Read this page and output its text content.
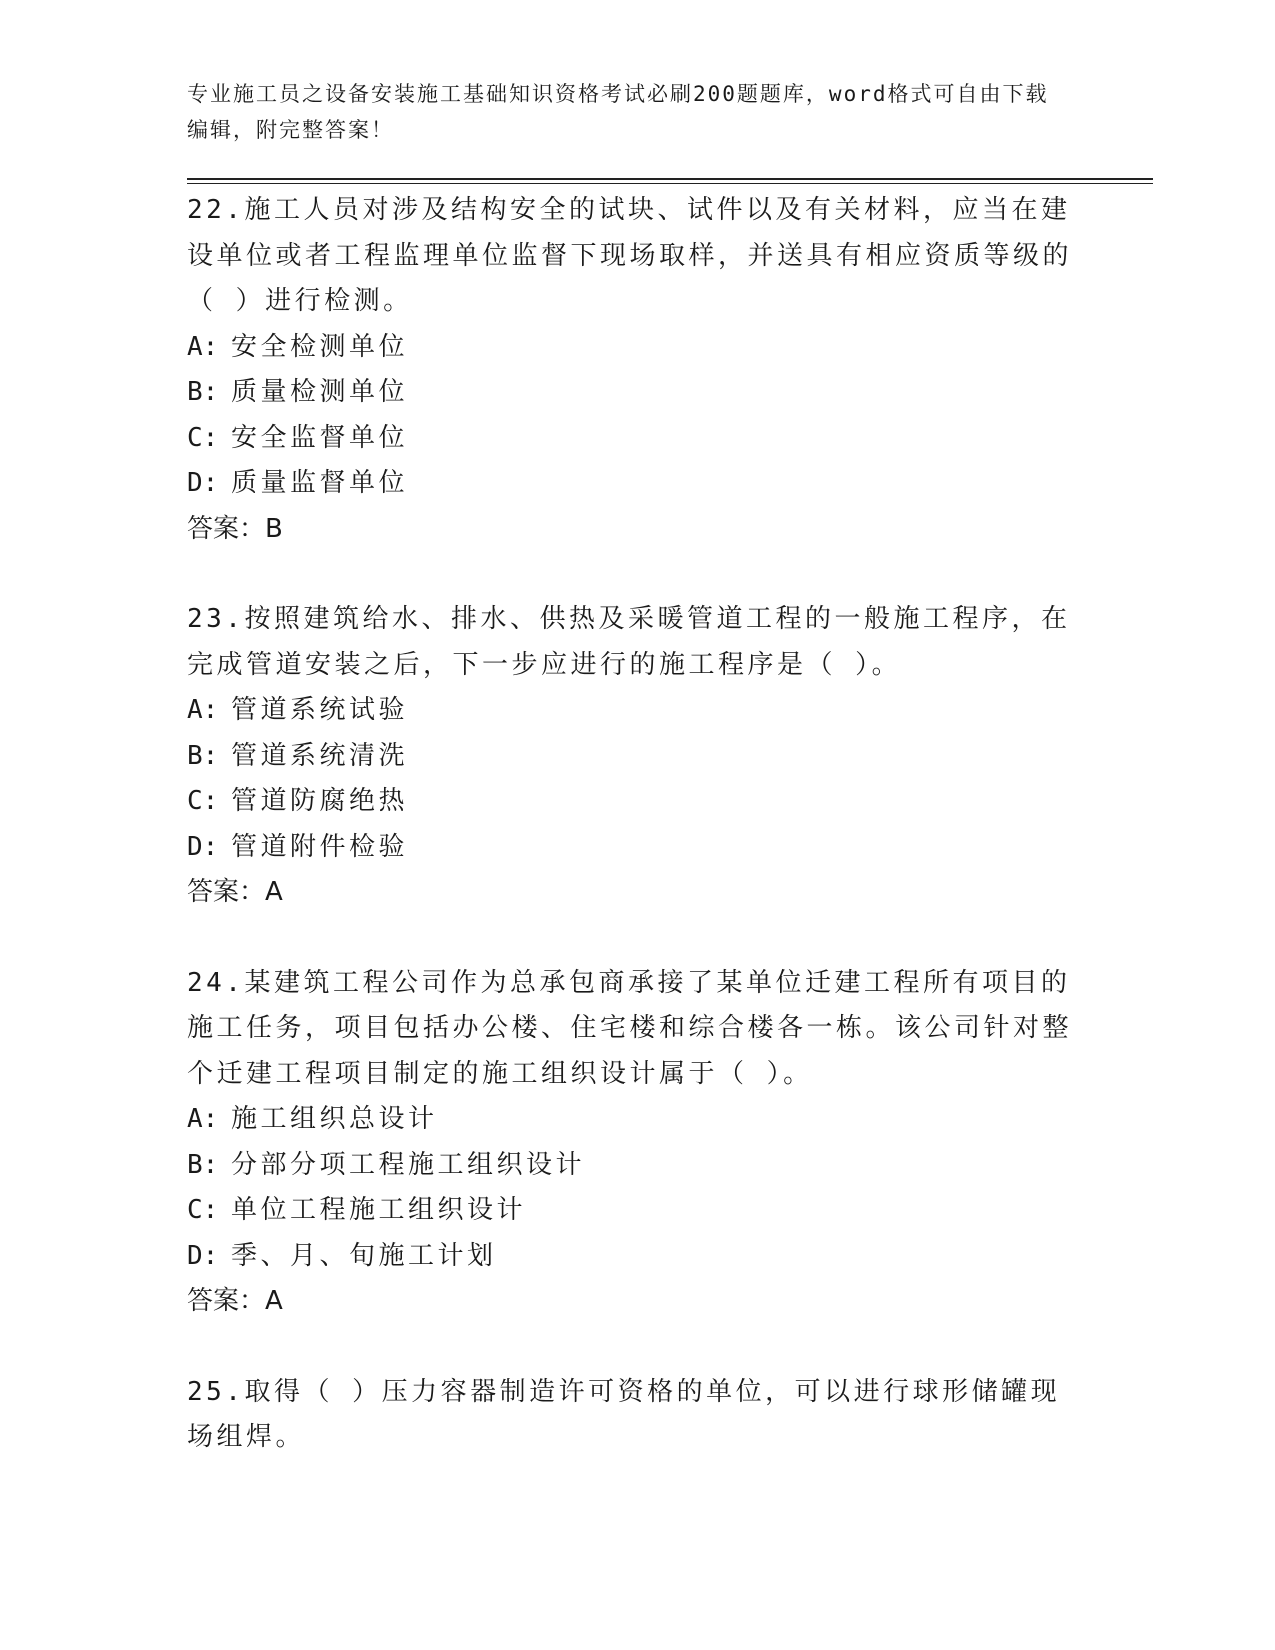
专业施工员之设备安装施工基础知识资格考试必刷200题题库，word格式可自由下载编辑，附完整答案！

22.施工人员对涉及结构安全的试块、试件以及有关材料，应当在建设单位或者工程监理单位监督下现场取样，并送具有相应资质等级的（ ）进行检测。

A: 安全检测单位

B: 质量检测单位

C: 安全监督单位

D: 质量监督单位

答案：B

23.按照建筑给水、排水、供热及采暖管道工程的一般施工程序，在完成管道安装之后，下一步应进行的施工程序是（ ）。

A: 管道系统试验

B: 管道系统清洗

C: 管道防腐绝热

D: 管道附件检验

答案：A

24.某建筑工程公司作为总承包商承接了某单位迁建工程所有项目的施工任务，项目包括办公楼、住宅楼和综合楼各一栋。该公司针对整个迁建工程项目制定的施工组织设计属于（ ）。

A: 施工组织总设计

B: 分部分项工程施工组织设计

C: 单位工程施工组织设计

D: 季、月、旬施工计划

答案：A

25.取得（ ）压力容器制造许可资格的单位，可以进行球形储罐现场组焊。
